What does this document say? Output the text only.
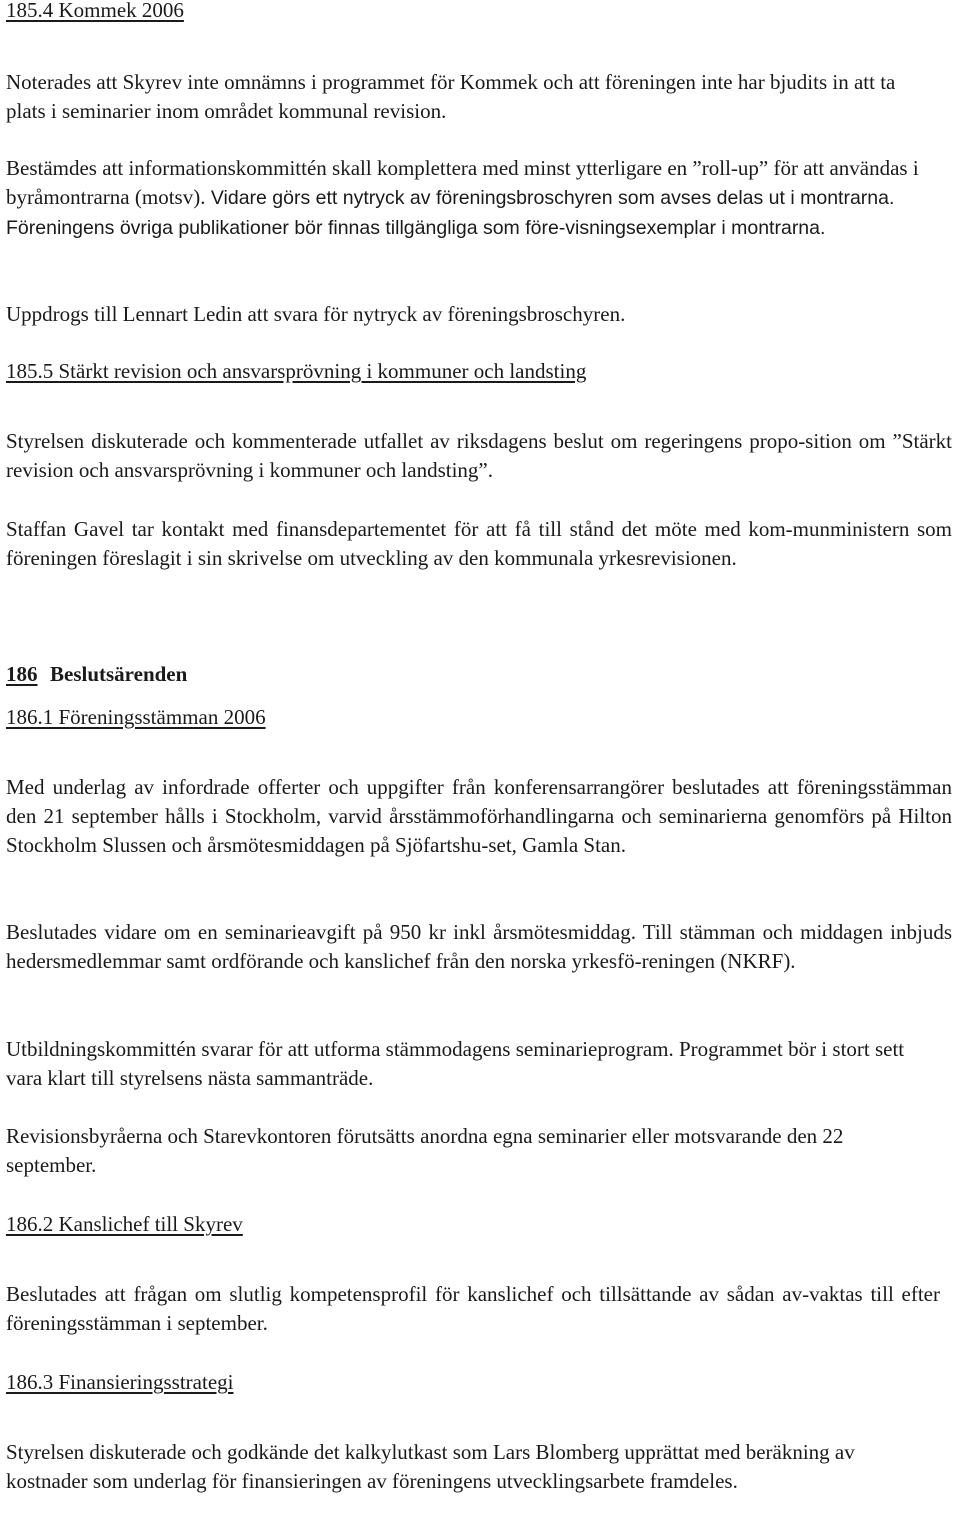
185.4 Kommek 2006

Noterades att Skyrev inte omnämns i programmet för Kommek och att föreningen inte har bjudits in att ta plats i seminarier inom området kommunal revision.

Bestämdes att informationskommittén skall komplettera med minst ytterligare en ”roll-up” för att användas i byråmontrarna (motsv). Vidare görs ett nytryck av föreningsbroschyren som avses delas ut i montrarna. Föreningens övriga publikationer bör finnas tillgängliga som före-visningsexemplar i montrarna.

Uppdrogs till Lennart Ledin att svara för nytryck av föreningsbroschyren.

185.5 Stärkt revision och ansvarsprövning i kommuner och landsting

Styrelsen diskuterade och kommenterade utfallet av riksdagens beslut om regeringens propo-sition om ”Stärkt revision och ansvarsprövning i kommuner och landsting”.

Staffan Gavel tar kontakt med finansdepartementet för att få till stånd det möte med kom-munministern som föreningen föreslagit i sin skrivelse om utveckling av den kommunala yrkesrevisionen.

186 Beslutsärenden

186.1 Föreningsstämman 2006

Med underlag av infordrade offerter och uppgifter från konferensarrangörer beslutades att föreningsstämman den 21 september hålls i Stockholm, varvid årsstämmoförhandlingarna och seminarierna genomförs på Hilton Stockholm Slussen och årsmötesmiddagen på Sjöfartshu-set, Gamla Stan.

Beslutades vidare om en seminarieavgift på 950 kr inkl årsmötesmiddag. Till stämman och middagen inbjuds hedersmedlemmar samt ordförande och kanslichef från den norska yrkesfö-reningen (NKRF).

Utbildningskommittén svarar för att utforma stämmodagens seminarieprogram. Programmet bör i stort sett vara klart till styrelsens nästa sammanträde.

Revisionsbyråerna och Starevkontoren förutsätts anordna egna seminarier eller motsvarande den 22 september.

186.2 Kanslichef till Skyrev

Beslutades att frågan om slutlig kompetensprofil för kanslichef och tillsättande av sådan av-vaktas till efter föreningsstämman i september.

186.3 Finansieringsstrategi

Styrelsen diskuterade och godkände det kalkylutkast som Lars Blomberg upprättat med beräkning av kostnader som underlag för finansieringen av föreningens utvecklingsarbete framdeles.
